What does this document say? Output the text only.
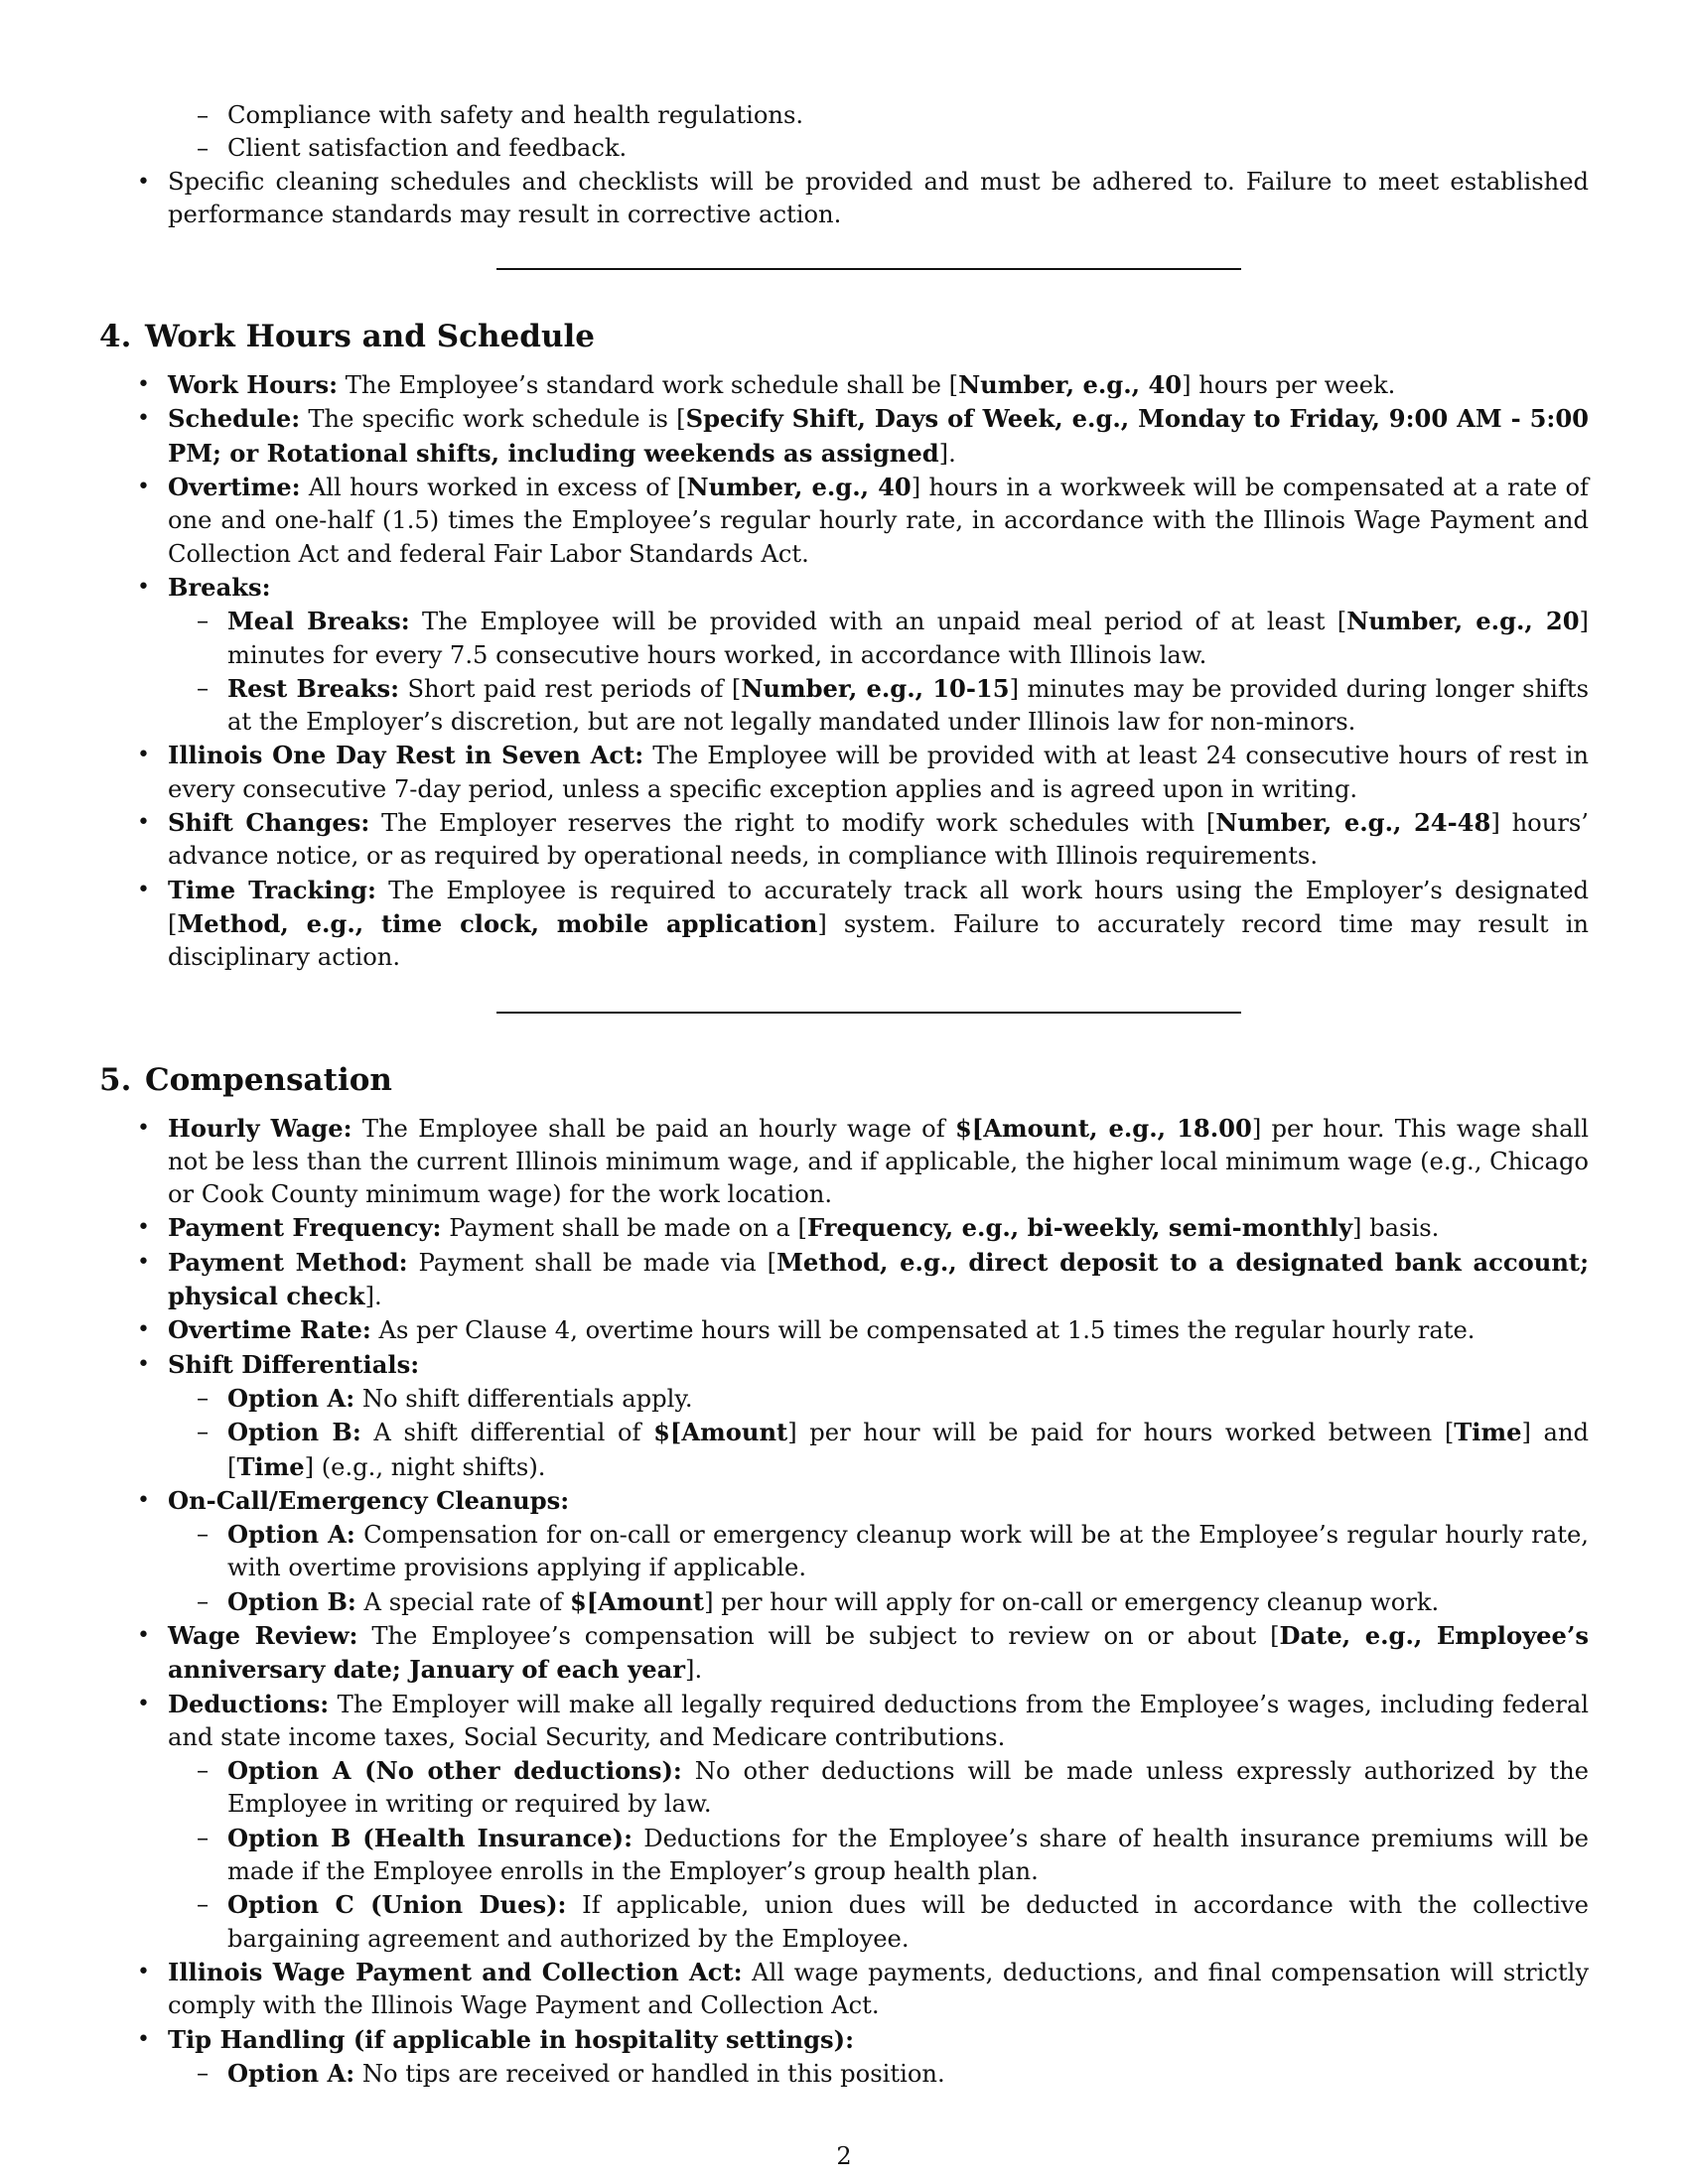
– Compliance with safety and health regulations.
– Client satisfaction and feedback.
• Specific cleaning schedules and checklists will be provided and must be adhered to. Failure to meet established performance standards may result in corrective action.
4. Work Hours and Schedule
• Work Hours: The Employee’s standard work schedule shall be [Number, e.g., 40] hours per week.
• Schedule: The specific work schedule is [Specify Shift, Days of Week, e.g., Monday to Friday, 9:00 AM - 5:00 PM; or Rotational shifts, including weekends as assigned].
• Overtime: All hours worked in excess of [Number, e.g., 40] hours in a workweek will be compensated at a rate of one and one-half (1.5) times the Employee’s regular hourly rate, in accordance with the Illinois Wage Payment and Collection Act and federal Fair Labor Standards Act.
• Breaks:
– Meal Breaks: The Employee will be provided with an unpaid meal period of at least [Number, e.g., 20] minutes for every 7.5 consecutive hours worked, in accordance with Illinois law.
– Rest Breaks: Short paid rest periods of [Number, e.g., 10-15] minutes may be provided during longer shifts at the Employer’s discretion, but are not legally mandated under Illinois law for non-minors.
• Illinois One Day Rest in Seven Act: The Employee will be provided with at least 24 consecutive hours of rest in every consecutive 7-day period, unless a specific exception applies and is agreed upon in writing.
• Shift Changes: The Employer reserves the right to modify work schedules with [Number, e.g., 24-48] hours’ advance notice, or as required by operational needs, in compliance with Illinois requirements.
• Time Tracking: The Employee is required to accurately track all work hours using the Employer’s designated [Method, e.g., time clock, mobile application] system. Failure to accurately record time may result in disciplinary action.
5. Compensation
• Hourly Wage: The Employee shall be paid an hourly wage of $[Amount, e.g., 18.00] per hour. This wage shall not be less than the current Illinois minimum wage, and if applicable, the higher local minimum wage (e.g., Chicago or Cook County minimum wage) for the work location.
• Payment Frequency: Payment shall be made on a [Frequency, e.g., bi-weekly, semi-monthly] basis.
• Payment Method: Payment shall be made via [Method, e.g., direct deposit to a designated bank account; physical check].
• Overtime Rate: As per Clause 4, overtime hours will be compensated at 1.5 times the regular hourly rate.
• Shift Differentials:
– Option A: No shift differentials apply.
– Option B: A shift differential of $[Amount] per hour will be paid for hours worked between [Time] and [Time] (e.g., night shifts).
• On-Call/Emergency Cleanups:
– Option A: Compensation for on-call or emergency cleanup work will be at the Employee’s regular hourly rate, with overtime provisions applying if applicable.
– Option B: A special rate of $[Amount] per hour will apply for on-call or emergency cleanup work.
• Wage Review: The Employee’s compensation will be subject to review on or about [Date, e.g., Employee’s anniversary date; January of each year].
• Deductions: The Employer will make all legally required deductions from the Employee’s wages, including federal and state income taxes, Social Security, and Medicare contributions.
– Option A (No other deductions): No other deductions will be made unless expressly authorized by the Employee in writing or required by law.
– Option B (Health Insurance): Deductions for the Employee’s share of health insurance premiums will be made if the Employee enrolls in the Employer’s group health plan.
– Option C (Union Dues): If applicable, union dues will be deducted in accordance with the collective bargaining agreement and authorized by the Employee.
• Illinois Wage Payment and Collection Act: All wage payments, deductions, and final compensation will strictly comply with the Illinois Wage Payment and Collection Act.
• Tip Handling (if applicable in hospitality settings):
– Option A: No tips are received or handled in this position.
2
